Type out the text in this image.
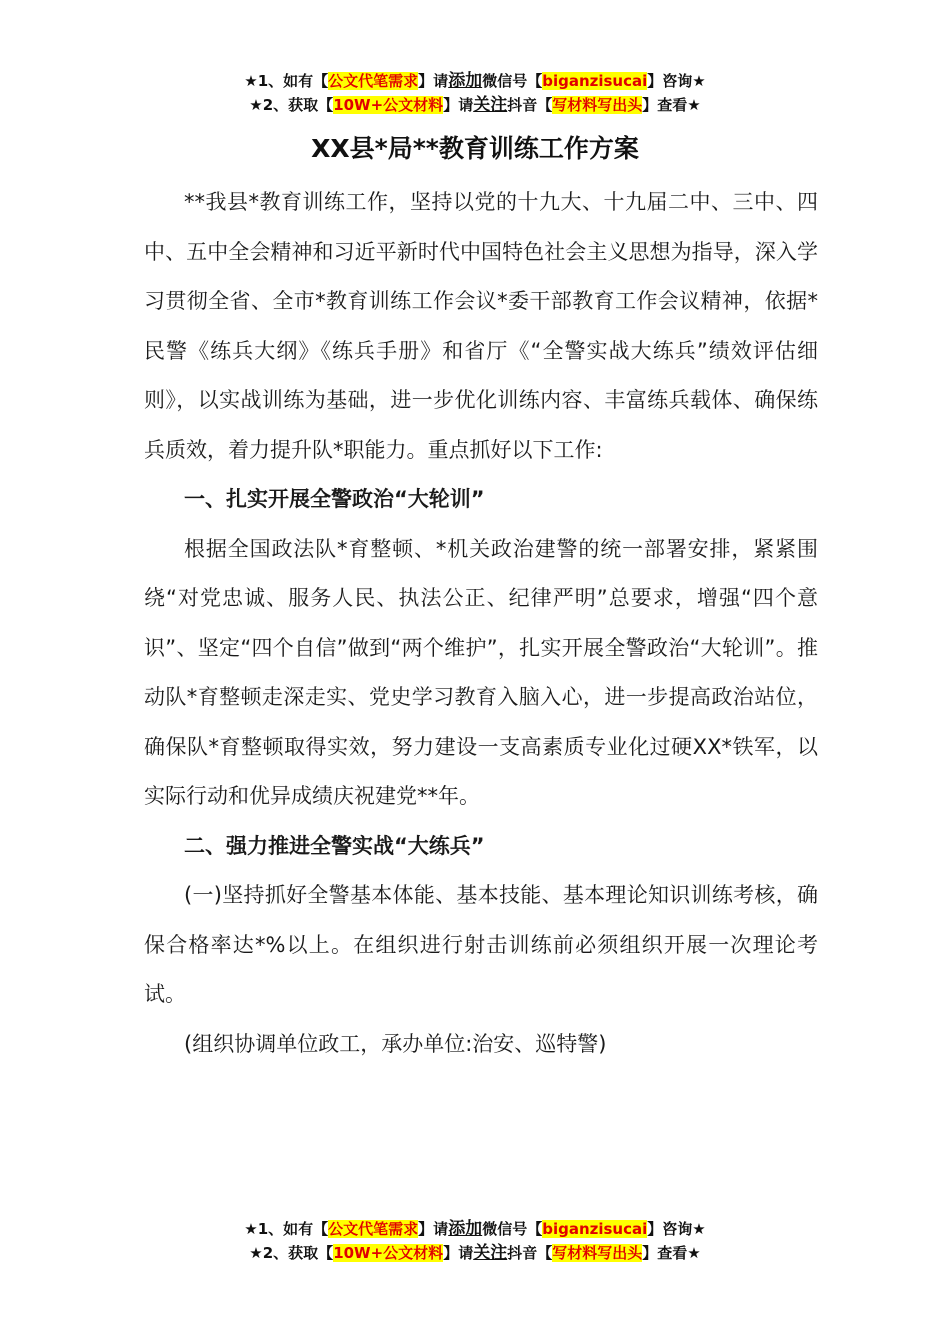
★1、如有【公文代笔需求】请添加微信号【biganzisucai】咨询★
★2、获取【10W+公文材料】请关注抖音【写材料写出头】查看★
XX县*局**教育训练工作方案

**我县*教育训练工作，坚持以党的十九大、十九届二中、三中、四中、五中全会精神和习近平新时代中国特色社会主义思想为指导，深入学习贯彻全省、全市*教育训练工作会议*委干部教育工作会议精神，依据*民警《练兵大纲》《练兵手册》和省厅《“全警实战大练兵”绩效评估细则》，以实战训练为基础，进一步优化训练内容、丰富练兵载体、确保练兵质效，着力提升队*职能力。重点抓好以下工作:

一、扎实开展全警政治“大轮训”

根据全国政法队*育整顿、*机关政治建警的统一部署安排，紧紧围绕“对党忠诚、服务人民、执法公正、纪律严明”总要求，增强“四个意识”、坚定“四个自信”做到“两个维护”，扎实开展全警政治“大轮训”。推动队*育整顿走深走实、党史学习教育入脑入心，进一步提高政治站位，确保队*育整顿取得实效，努力建设一支高素质专业化过硬XX*铁军，以实际行动和优异成绩庆祝建党**年。

二、强力推进全警实战“大练兵”

(一)坚持抓好全警基本体能、基本技能、基本理论知识训练考核，确保合格率达*%以上。在组织进行射击训练前必须组织开展一次理论考试。

(组织协调单位政工，承办单位:治安、巡特警)

★1、如有【公文代笔需求】请添加微信号【biganzisucai】咨询★
★2、获取【10W+公文材料】请关注抖音【写材料写出头】查看★
